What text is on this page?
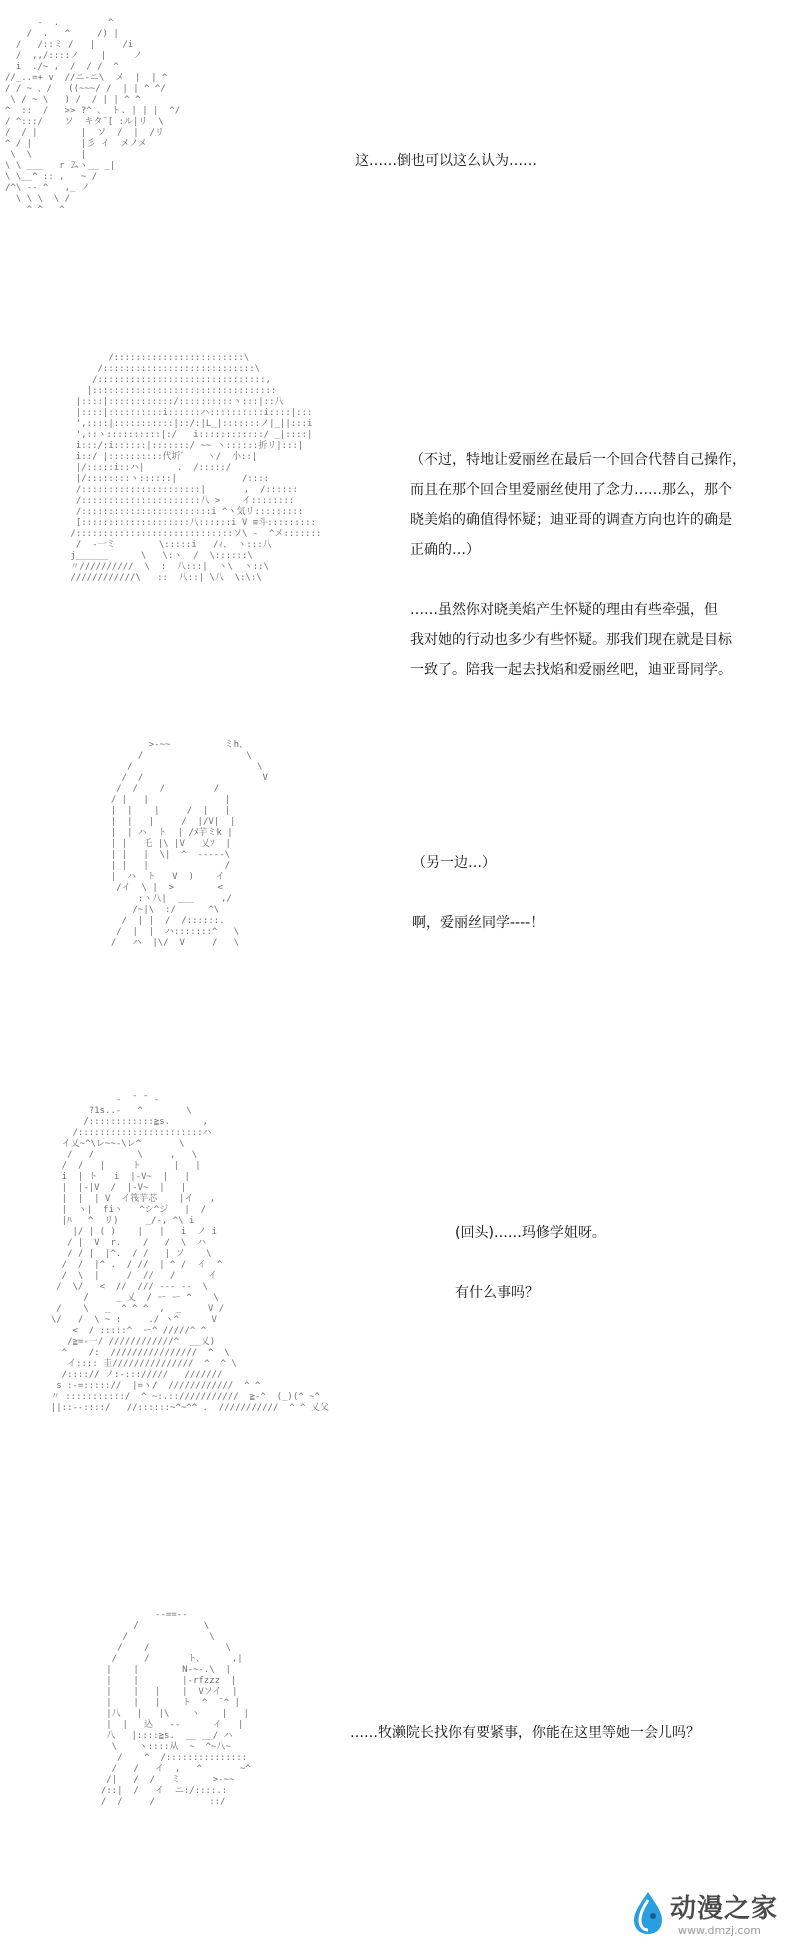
-  .         ^
/  .   ^     /) |
/   /::ミ /   |     /i
/  ,,/::::ノ    |     ノ
i  ./~ ,  /  / /  ^
//_..=+ v  //ニ-ニ\  メ  |  | ^
/ / ~ 、/   ((~~~/ /  | | ^ ^/
\ / ~ \   ) /  / | | ^ ^
^  ::  /   >> ?^ 、 ト. | | |  ^/
/ ^:::/    ソ  キタ¨[ :ル|リ  \
/  / |        |  ソ  /  |  /リ
^ / |         |彡 イ  メノメ
\  \         |
\ \ ___   r ̄ムヽ__ _|
\ \__^ :: ,   ~ /
/^\ -- ^   ,_ ノ
\ \ \  \ /
^ ^   ^

这……倒也可以这么认为……

/::::::::::::::::::::::::\
/::::::::::::::::::::::::::::\
/:::::::::::::::::::::::::::::::,
|::::::::::::::::::::::::::::::::::
|::::|::::::::::::/::::::::::ヽ:::|::八
|::::|::::::::::i::::::ハ::::::::::i::::|:::
',::::|:::::::::::|::/:|L_|:::::::ノ|_||:::i
',::ヽ::::::::::|:/   i::::::::::::/ _|::::|
i:::/:i::::::|:::::::/ ~~ ヽ::::::折リ|:::|
i::/ |::::::::::代圻ﾞ    ヽ/  小::|
|/:::::i::ハ|      .  /:::::/
|/::::::::ヽ::::::|            /::::
/::::::::::::::::::::::|       ,  /::::::
/::::::::::::::::::::::八 >    イ::::::::
/::::::::::::::::::::::::i ^ヽ気リ:::::::::
[::::::::::::::::::::八::::::i V ≡斗:::::::::
/:::::::::::::::::::::::::::::ソ\ -  ^メ:::::::
/  -一ミ        \:::::i   /ｨ、 ヽ:::八
j______      \   \:ヽ  /  \::::::\
〃//////////  \  :  八:::|  ヽ\  ヽ::\
////////////\   ::  八::| \八  \:\:\

（不过，特地让爱丽丝在最后一个回合代替自己操作，

而且在那个回合里爱丽丝使用了念力……那么，那个

晓美焰的确值得怀疑；迪亚哥的调查方向也许的确是

正确的…）

……虽然你对晓美焰产生怀疑的理由有些牵强，但

我对她的行动也多少有些怀疑。那我们现在就是目标

一致了。陪我一起去找焰和爱丽丝吧，迪亚哥同学。

>-~~          ミh、
/                   \
/                       \
/  /                      V
/  /    /         /
/ |   |              |
|  |    |     /  |   |
|  |   |     /  |/V|  |
|  | ハ  ト  | /ﾒ芋ミk |
| |   乇 |\ |V   乂ｿ  |
| |   |  \|  ^  -----\
| |   |              /
|  ハ  ト   V  )    イ
/イ  \ |  >        <
:ヽ八|  ___     ,/
/~|\  :/      ^\
/  | |  /  /::::::.
/  |  |  ハ:::::::^   \
/   ハ  |\/  V     /   \

（另一边…）

啊，爱丽丝同学----！

-  ̄  ̄  -
?1s..-   ^        \
/::::::::::::≧s.      ,
/:::::::::::::::::::::::ハ
イ乂~^\レ~~-\レ^       \
/   /        \     ,   \
/  /   |     ト      |   |
i  | ト   i  |-V~  |   |
|  |-|V  /  |-V~  |   |
|  |  | V  イ筏芋芯    |イ   ,
|  ヽ|  fiヽ   ^シ^ジ   |  /
|ﾊ   ^  リ)     _/-, ^\ i
|/ | ( )    |   |   i  ノ i
/ |  V  r.    /   /  \  ハ
/ / |  |^.  / /   | ソ    \
/  /  |^ .  / //  | ^ /  イ  ^
/  \  |     /  //   /      イ
/  \/   <  //  /// --- --  \
/     _ 乂  / ー ー ^    \
/    \   _  ^ ^ ^  ,  _     V /
\/   /  \ ~ :     ./ ヽ^      V
<  / :::::^  ー^ /////^ ^
/≧=-一/ ////////////^  __乂)
^    /:  ////////////////  ^  \
イ:::: 圭///////////////  ^  ^ \
/::::// ノ:-::://///   ///////
s :-=::::://  |=ヽ/  ////////////  ^ ^
〃 :::::::::::/  ^ ~:.::///////////  ≧-^  (_)(^ ~^
||::--::::/   //::::::~^~^^ .  ///////////  ^ ^ 乂父

(回头)……玛修学姐呀。

有什么事吗？

--==--
/            \
/               \
/    /              \
/     /       ト、     ,|
|    |        N-~-.\  |
|    |        |-rfzzz  |
|    |   |    |  Vソイ  |
|    |   |    ト  ^  ̄ ^ |
|八   |   |\    ヽ    |   |
|  |   込   --      イ   |
八   |::::≧s.  __ __/ ハ
\    ヽ::::从  ~  ^~八~
/    ^  /:::::::::::::::
/   /   イ  ,   ^       ~^
/|   /  /   ミ      >-~~
/::|  /   イ  ニ:/::::.:
/  /     /          ::/

……牧濑院长找你有要紧事，你能在这里等她一会儿吗？

动漫之家
www.dmzj.com
